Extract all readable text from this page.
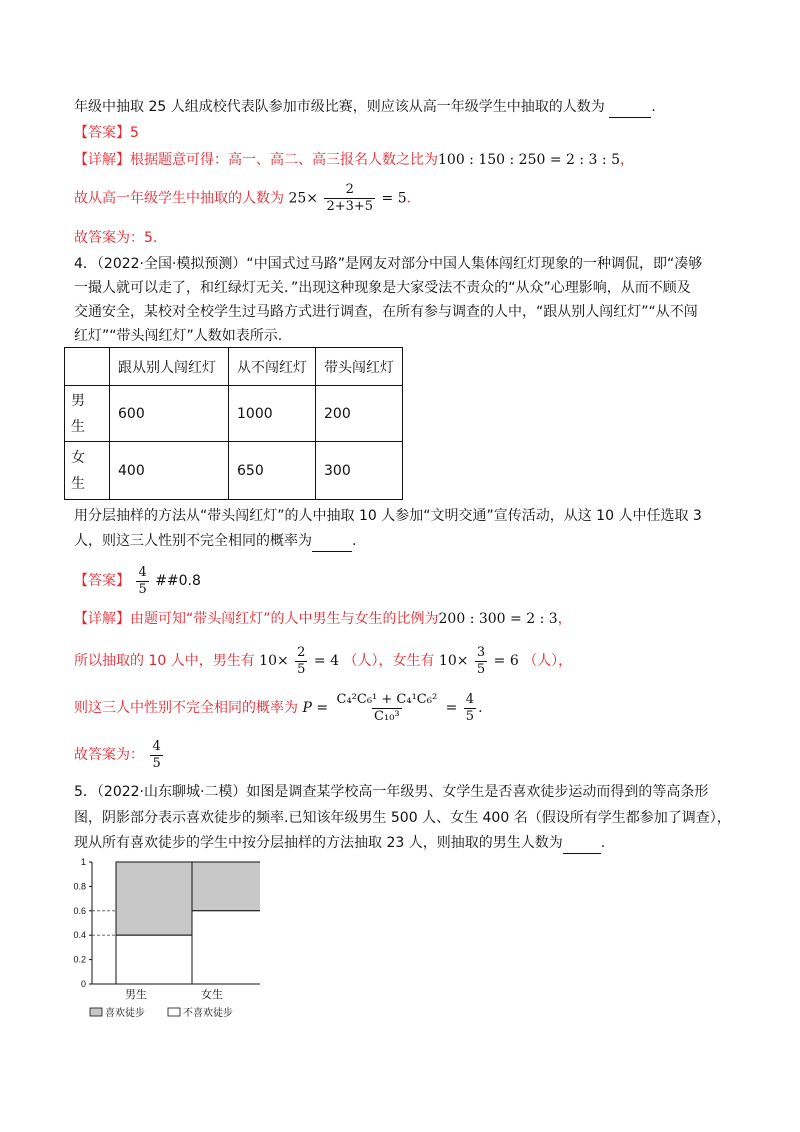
年级中抽取 25 人组成校代表队参加市级比赛，则应该从高一年级学生中抽取的人数为	.
【答案】5
【详解】根据题意可得：高一、高二、高三报名人数之比为100 : 150 : 250 = 2 : 3 : 5，
故从高一年级学生中抽取的人数为 $25\times \frac{2}{2+3+5} = 5$.
故答案为：5.
4．（2022·全国·模拟预测）“中国式过马路”是网友对部分中国人集体闯红灯现象的一种调侃，即“凑够
一撮人就可以走了，和红绿灯无关．”出现这种现象是大家受法不责众的“从众”心理影响，从而不顾及
交通安全，某校对全校学生过马路方式进行调查，在所有参与调查的人中，“跟从别人闯红灯”“从不闯
红灯”“带头闯红灯”人数如表所示.
	跟从别人闯红灯	从不闯红灯	带头闯红灯

男
生	600	1000	200

女
生	400	650	300
用分层抽样的方法从“带头闯红灯”的人中抽取 10 人参加“文明交通”宣传活动，从这 10 人中任选取 3
人，则这三人性别不完全相同的概率为	.
【答案】 $\frac{4}{5}$ ##0.8
【详解】由题可知“带头闯红灯”的人中男生与女生的比例为200 : 300 = 2 : 3，
所以抽取的 10 人中，男生有 $10\times \frac{2}{5} = 4$ （人），女生有 $10\times \frac{3}{5} = 6$ （人），
则这三人中性别不完全相同的概率为 $P = \frac{\text{C₄²C₆¹ + C₄¹C₆²}}{\text{C₁₀³}} = \frac{4}{5}$ .
故答案为： $\frac{4}{5}$
5．（2022·山东聊城·二模）如图是调查某学校高一年级男、女学生是否喜欢徒步运动而得到的等高条形
图，阴影部分表示喜欢徒步的频率.已知该年级男生 500 人、女生 400 名（假设所有学生都参加了调查），
现从所有喜欢徒步的学生中按分层抽样的方法抽取 23 人，则抽取的男生人数为	.
0
0.2
0.4
0.6
0.8
1
男生	女生
喜欢徒步	不喜欢徒步
